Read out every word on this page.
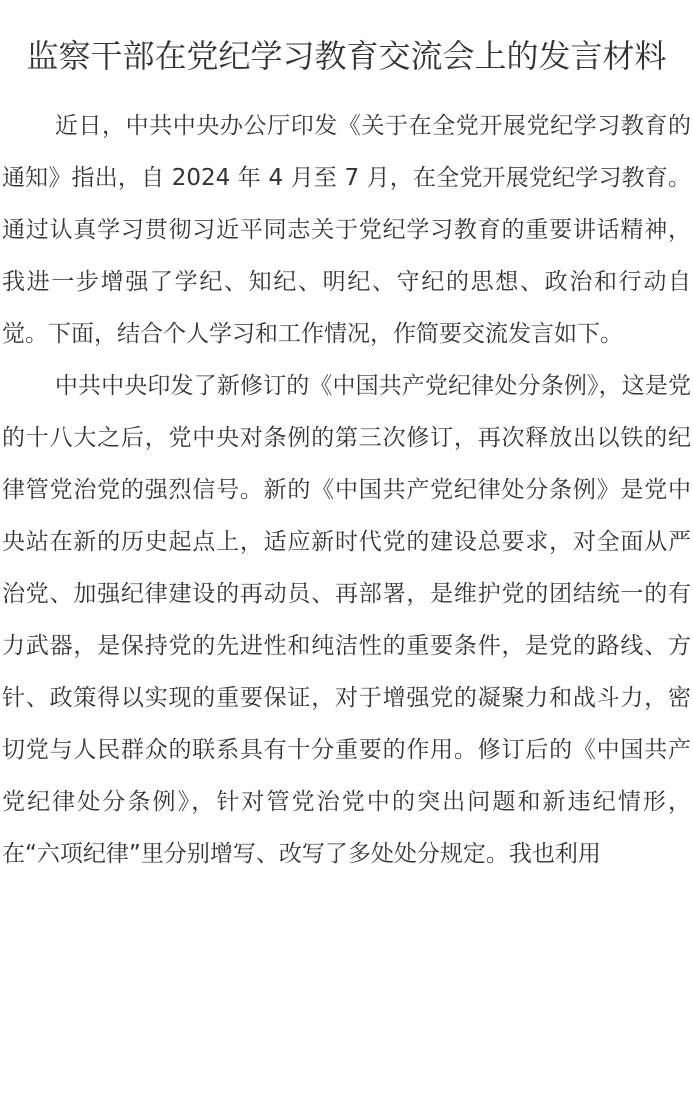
监察干部在党纪学习教育交流会上的发言材料

近日，中共中央办公厅印发《关于在全党开展党纪学习教育的通知》指出，自 2024 年 4 月至 7 月，在全党开展党纪学习教育。通过认真学习贯彻习近平同志关于党纪学习教育的重要讲话精神，我进一步增强了学纪、知纪、明纪、守纪的思想、政治和行动自觉。下面，结合个人学习和工作情况，作简要交流发言如下。

中共中央印发了新修订的《中国共产党纪律处分条例》，这是党的十八大之后，党中央对条例的第三次修订，再次释放出以铁的纪律管党治党的强烈信号。新的《中国共产党纪律处分条例》是党中央站在新的历史起点上，适应新时代党的建设总要求，对全面从严治党、加强纪律建设的再动员、再部署，是维护党的团结统一的有力武器，是保持党的先进性和纯洁性的重要条件，是党的路线、方针、政策得以实现的重要保证，对于增强党的凝聚力和战斗力，密切党与人民群众的联系具有十分重要的作用。修订后的《中国共产党纪律处分条例》，针对管党治党中的突出问题和新违纪情形，在“六项纪律”里分别增写、改写了多处处分规定。我也利用
